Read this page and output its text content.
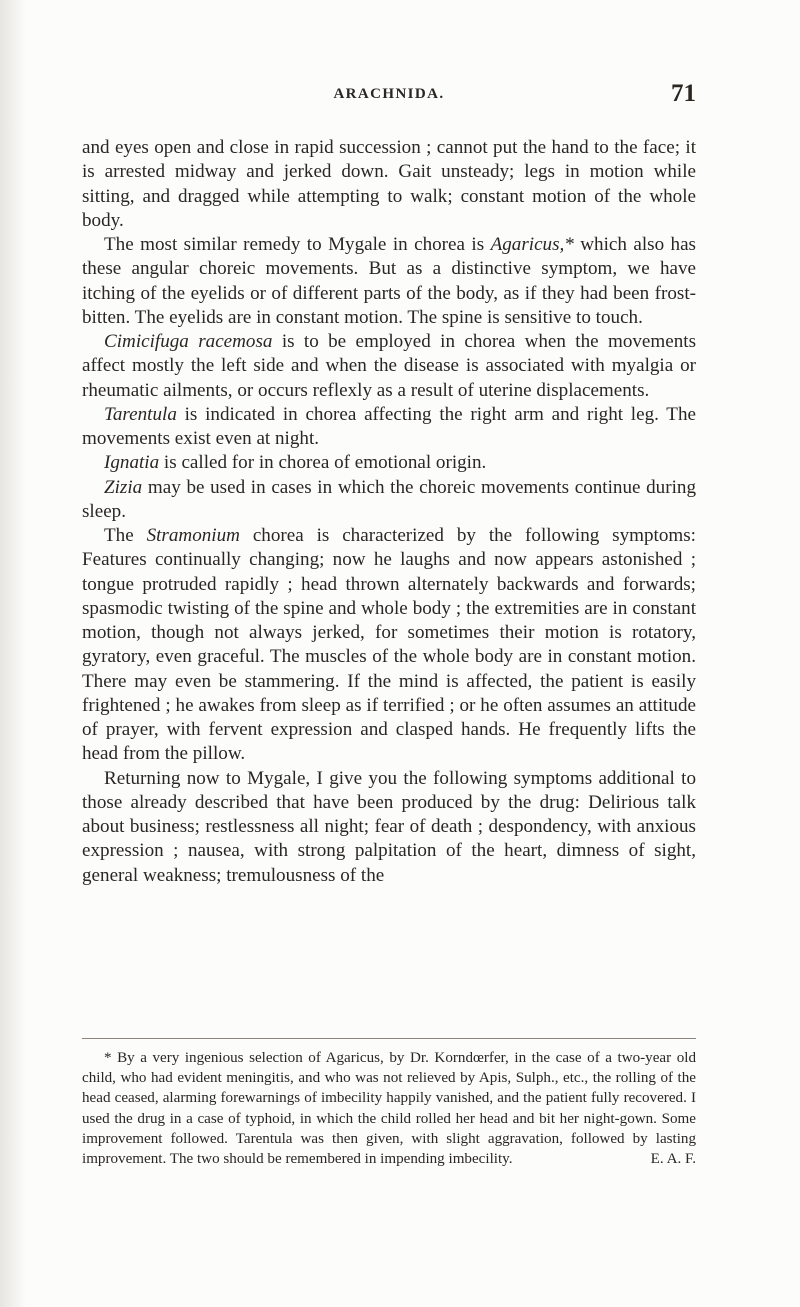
ARACHNIDA.	71

and eyes open and close in rapid succession ; cannot put the hand to the face; it is arrested midway and jerked down. Gait unsteady; legs in motion while sitting, and dragged while attempting to walk; constant motion of the whole body.

The most similar remedy to Mygale in chorea is Agaricus,* which also has these angular choreic movements. But as a distinctive symptom, we have itching of the eyelids or of different parts of the body, as if they had been frost-bitten. The eyelids are in constant motion. The spine is sensitive to touch.

Cimicifuga racemosa is to be employed in chorea when the movements affect mostly the left side and when the disease is associated with myalgia or rheumatic ailments, or occurs reflexly as a result of uterine displacements.

Tarentula is indicated in chorea affecting the right arm and right leg. The movements exist even at night.

Ignatia is called for in chorea of emotional origin.

Zizia may be used in cases in which the choreic movements continue during sleep.

The Stramonium chorea is characterized by the following symptoms: Features continually changing; now he laughs and now appears astonished ; tongue protruded rapidly ; head thrown alternately backwards and forwards; spasmodic twisting of the spine and whole body ; the extremities are in constant motion, though not always jerked, for sometimes their motion is rotatory, gyratory, even graceful. The muscles of the whole body are in constant motion. There may even be stammering. If the mind is affected, the patient is easily frightened ; he awakes from sleep as if terrified ; or he often assumes an attitude of prayer, with fervent expression and clasped hands. He frequently lifts the head from the pillow.

Returning now to Mygale, I give you the following symptoms additional to those already described that have been produced by the drug: Delirious talk about business; restlessness all night; fear of death ; despondency, with anxious expression ; nausea, with strong palpitation of the heart, dimness of sight, general weakness; tremulousness of the

* By a very ingenious selection of Agaricus, by Dr. Korndœrfer, in the case of a two-year old child, who had evident meningitis, and who was not relieved by Apis, Sulph., etc., the rolling of the head ceased, alarming forewarnings of imbecility happily vanished, and the patient fully recovered. I used the drug in a case of typhoid, in which the child rolled her head and bit her night-gown. Some improvement followed. Tarentula was then given, with slight aggravation, followed by lasting improvement. The two should be remembered in impending imbecility.	E. A. F.
